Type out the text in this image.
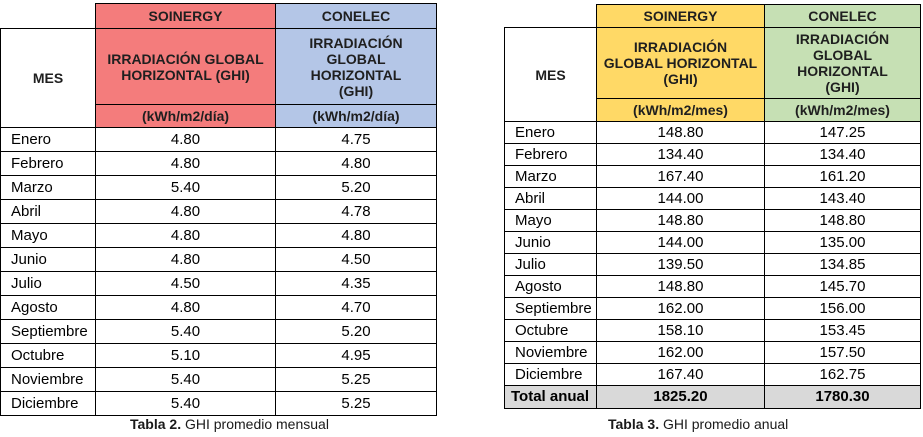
	SOINERGY	CONELEC
MES	IRRADIACIÓN GLOBAL HORIZONTAL (GHI)	IRRADIACIÓN GLOBAL HORIZONTAL (GHI)
	(kWh/m2/día)	(kWh/m2/día)
Enero	4.80	4.75
Febrero	4.80	4.80
Marzo	5.40	5.20
Abril	4.80	4.78
Mayo	4.80	4.80
Junio	4.80	4.50
Julio	4.50	4.35
Agosto	4.80	4.70
Septiembre	5.40	5.20
Octubre	5.10	4.95
Noviembre	5.40	5.25
Diciembre	5.40	5.25
Tabla 2. GHI promedio mensual
	SOINERGY	CONELEC
MES	IRRADIACIÓN GLOBAL HORIZONTAL (GHI)	IRRADIACIÓN GLOBAL HORIZONTAL (GHI)
	(kWh/m2/mes)	(kWh/m2/mes)
Enero	148.80	147.25
Febrero	134.40	134.40
Marzo	167.40	161.20
Abril	144.00	143.40
Mayo	148.80	148.80
Junio	144.00	135.00
Julio	139.50	134.85
Agosto	148.80	145.70
Septiembre	162.00	156.00
Octubre	158.10	153.45
Noviembre	162.00	157.50
Diciembre	167.40	162.75
Total anual	1825.20	1780.30
Tabla 3. GHI promedio anual
